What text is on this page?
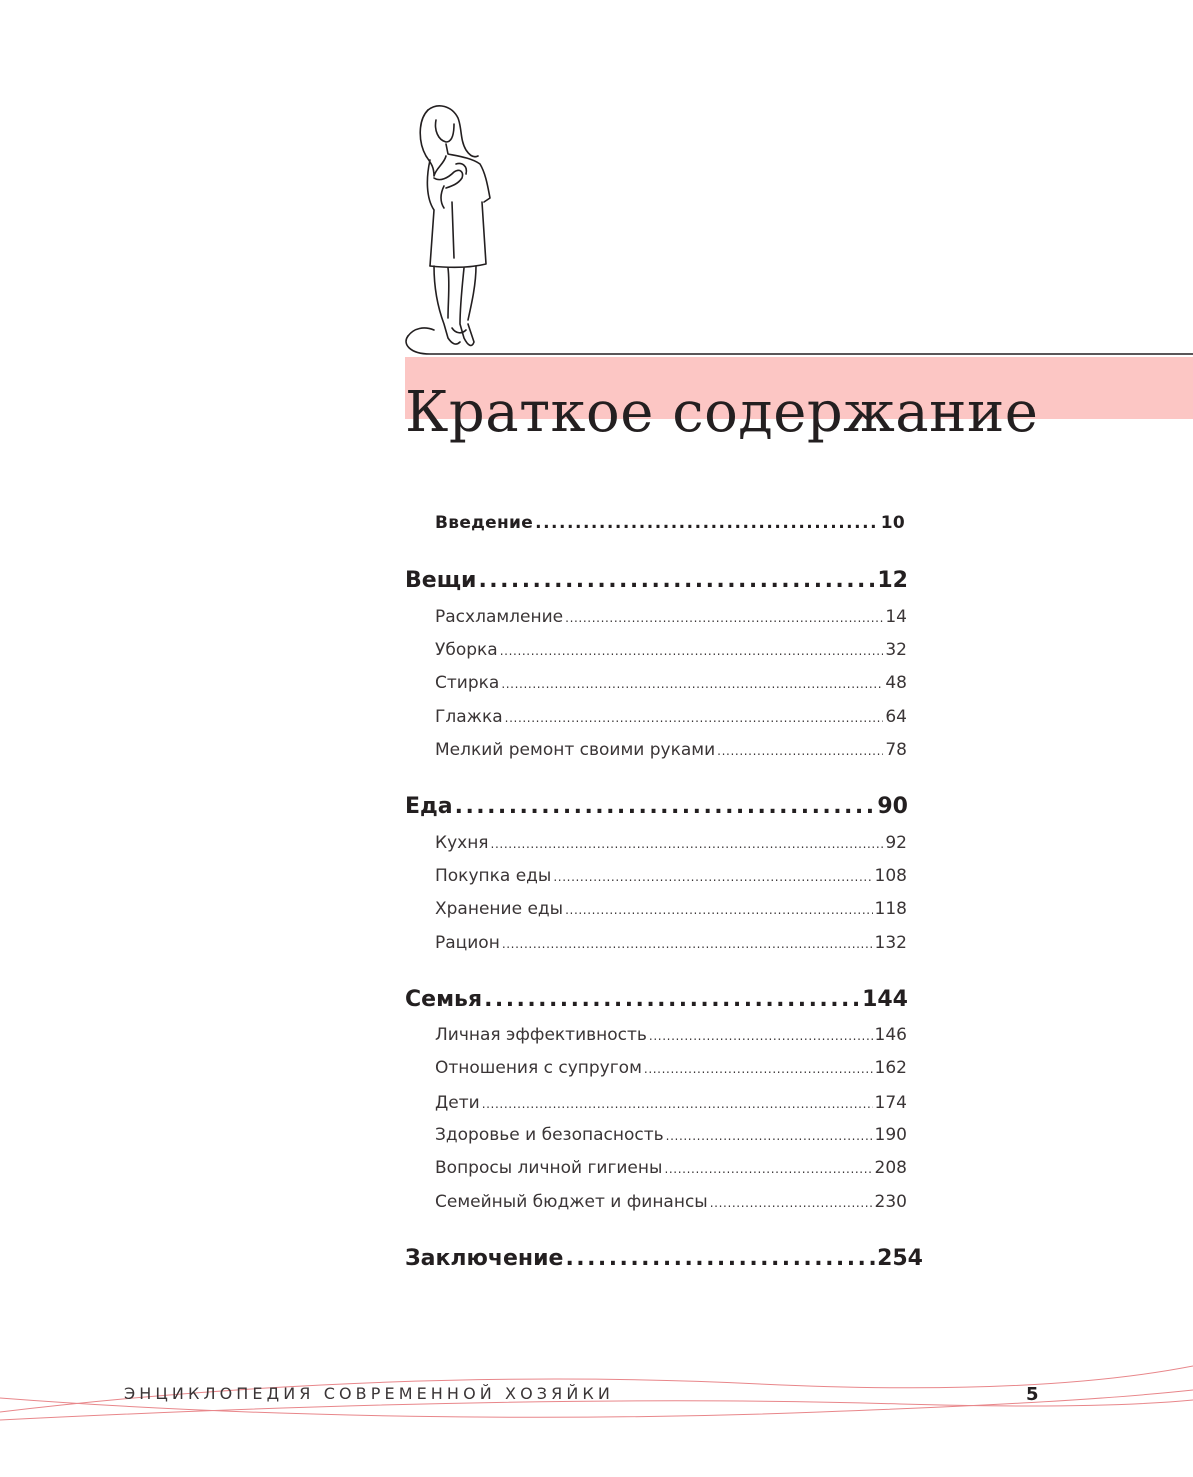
Краткое содержание
Введение . . .	10
Вещи . . .	12
Расхламление . . .	14
Уборка . . .	32
Стирка . . .	48
Глажка . . .	64
Мелкий ремонт своими руками . . .	78
Еда . . .	90
Кухня . . .	92
Покупка еды . . .	108
Хранение еды . . .	118
Рацион . . .	132
Семья . . .	144
Личная эффективность . . .	146
Отношения с супругом . . .	162
Дети . . .	174
Здоровье и безопасность . . .	190
Вопросы личной гигиены . . .	208
Семейный бюджет и финансы . . .	230
Заключение . . .	254
ЭНЦИКЛОПЕДИЯ СОВРЕМЕННОЙ ХОЗЯЙКИ	5
